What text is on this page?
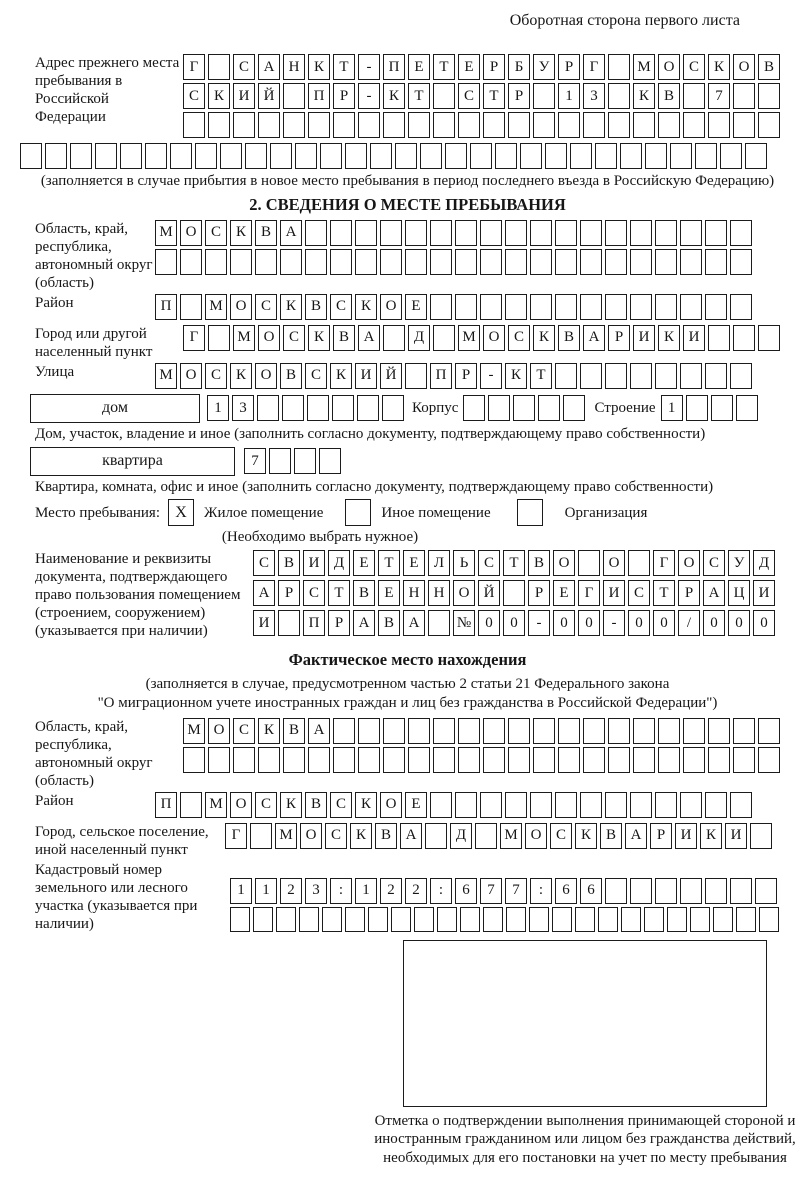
Оборотная сторона первого листа
Адрес прежнего места пребывания в Российской Федерации
Г	С А Н К	Т	-	П Е	Т	Е	Р	Б	У	Р	Г	М О С К О В
С К И Й	П	Р	-	К	Т	С	Т	Р	1	3	К В	7
(заполняется в случае прибытия в новое место пребывания в период последнего въезда в Российскую Федерацию)
2. СВЕДЕНИЯ О МЕСТЕ ПРЕБЫВАНИЯ
Область, край, республика, автономный округ (область)
М О С К В А
Район	П	М О С К В С К О Е
Город или другой населенный пункт
Г	М О С К В А	Д	М О С К В А	Р	И К И
Улица	М О С К О В С К И Й	П	Р	-	К	Т
дом	1	3	Корпус	Строение 1
Дом, участок, владение и иное (заполнить согласно документу, подтверждающему право собственности)
квартира	7
Квартира, комната, офис и иное (заполнить согласно документу, подтверждающему право собственности)
Место пребывания: X	Жилое помещение	Иное помещение	Организация
(Необходимо выбрать нужное)
Наименование и реквизиты документа, подтверждающего право пользования помещением (строением, сооружением) (указывается при наличии)
С В И Д	Е	Т	Е	Л	Ь	С	Т	В О	О	Г	О С У Д
А	Р	С	Т	В	Е	Н Н О Й	Р	Е	Г	И С	Т	Р	А Ц И
И	П	Р	А В А	№ 0	0	-	0	0	-	0	0	/	0	0	0
Фактическое место нахождения
(заполняется в случае, предусмотренном частью 2 статьи 21 Федерального закона
"О миграционном учете иностранных граждан и лиц без гражданства в Российской Федерации")
Область, край, республика, автономный округ (область)
М О С К В А
Район	П	М О С К В С К О Е
Город, сельское поселение, иной населенный пункт
Г	М О С К В А	Д	М О С К В А	Р	И К И
Кадастровый номер земельного или лесного участка (указывается при наличии)
1	1	2	3	:	1	2	2	:	6	7	7	:	6	6
Отметка о подтверждении выполнения принимающей стороной и иностранным гражданином или лицом без гражданства действий, необходимых для его постановки на учет по месту пребывания
